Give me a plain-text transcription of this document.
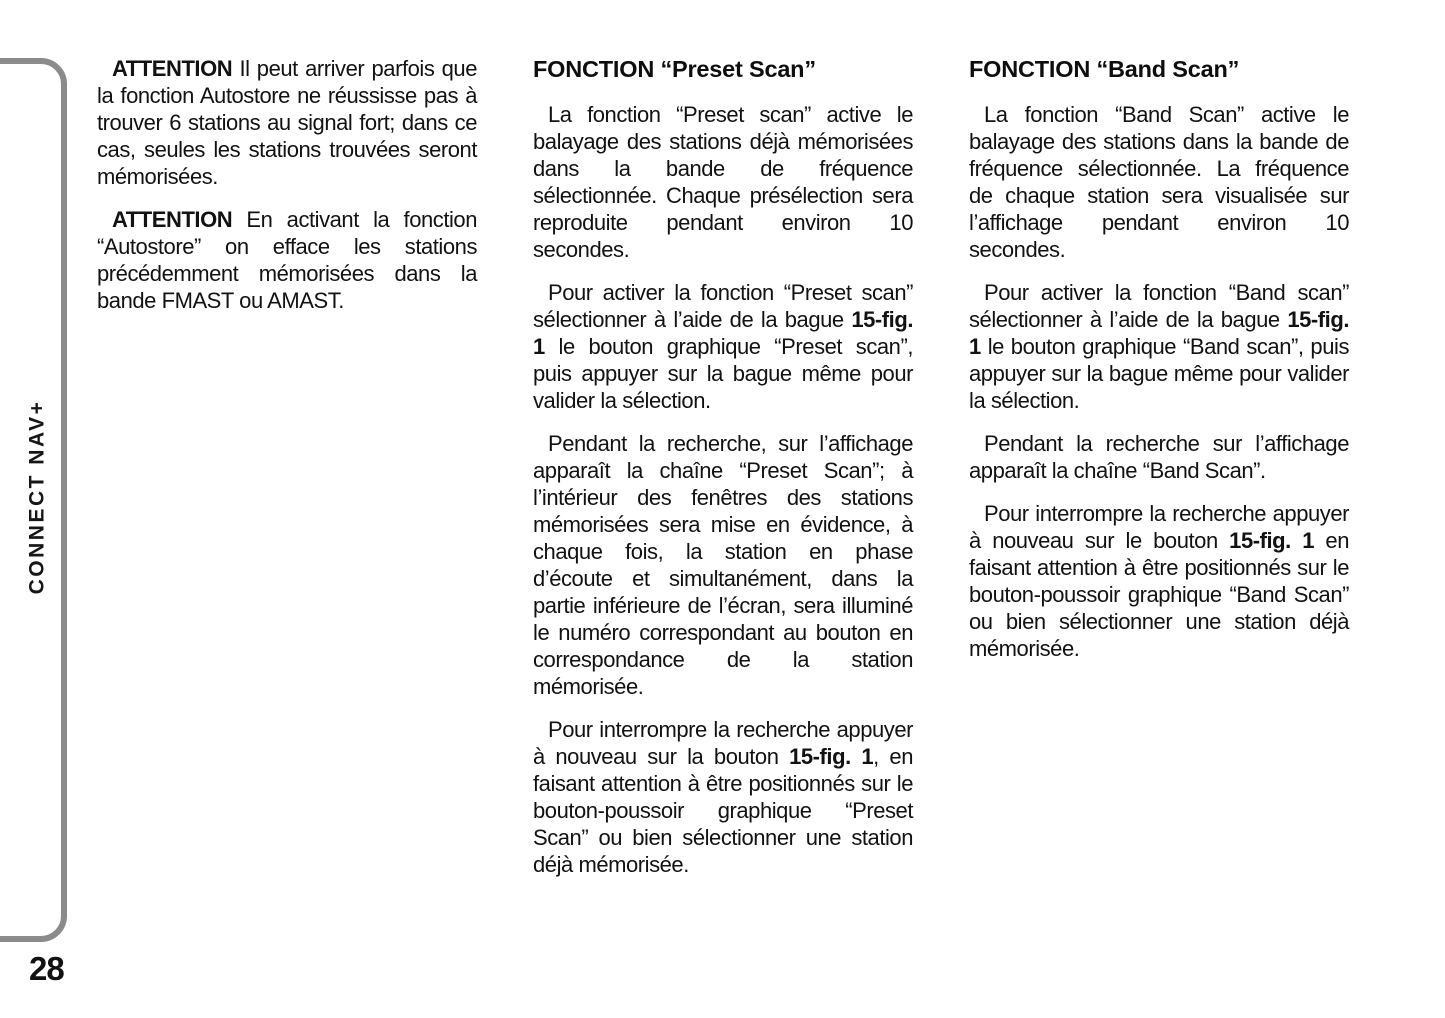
CONNECT NAV+
28

ATTENTION Il peut arriver parfois que la fonction Autostore ne réussisse pas à trouver 6 stations au signal fort; dans ce cas, seules les stations trouvées seront mémorisées.

ATTENTION En activant la fonction “Autostore” on efface les stations précédemment mémorisées dans la bande FMAST ou AMAST.

FONCTION “Preset Scan”

La fonction “Preset scan” active le balayage des stations déjà mémorisées dans la bande de fréquence sélectionnée. Chaque présélection sera reproduite pendant environ 10 secondes.

Pour activer la fonction “Preset scan” sélectionner à l’aide de la bague 15-fig. 1 le bouton graphique “Preset scan”, puis appuyer sur la bague même pour valider la sélection.

Pendant la recherche, sur l’affichage apparaît la chaîne “Preset Scan”; à l’intérieur des fenêtres des stations mémorisées sera mise en évidence, à chaque fois, la station en phase d’écoute et simultanément, dans la partie inférieure de l’écran, sera illuminé le numéro correspondant au bouton en correspondance de la station mémorisée.

Pour interrompre la recherche appuyer à nouveau sur la bouton 15-fig. 1, en faisant attention à être positionnés sur le bouton-poussoir graphique “Preset Scan” ou bien sélectionner une station déjà mémorisée.

FONCTION “Band Scan”

La fonction “Band Scan” active le balayage des stations dans la bande de fréquence sélectionnée. La fréquence de chaque station sera visualisée sur l’affichage pendant environ 10 secondes.

Pour activer la fonction “Band scan” sélectionner à l’aide de la bague 15-fig. 1 le bouton graphique “Band scan”, puis appuyer sur la bague même pour valider la sélection.

Pendant la recherche sur l’affichage apparaît la chaîne “Band Scan”.

Pour interrompre la recherche appuyer à nouveau sur le bouton 15-fig. 1 en faisant attention à être positionnés sur le bouton-poussoir graphique “Band Scan” ou bien sélectionner une station déjà mémorisée.
